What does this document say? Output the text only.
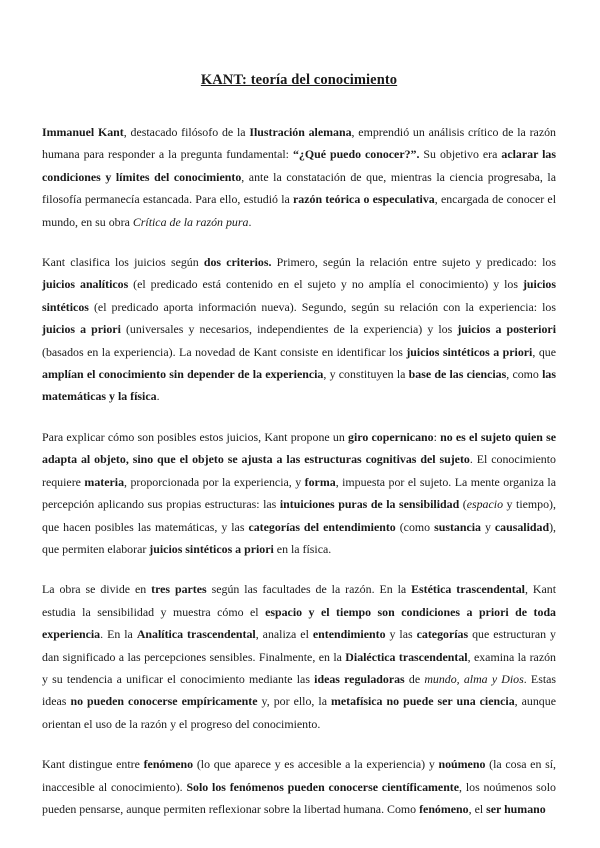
KANT: teoría del conocimiento

Immanuel Kant, destacado filósofo de la Ilustración alemana, emprendió un análisis crítico de la razón humana para responder a la pregunta fundamental: “¿Qué puedo conocer?”. Su objetivo era aclarar las condiciones y límites del conocimiento, ante la constatación de que, mientras la ciencia progresaba, la filosofía permanecía estancada. Para ello, estudió la razón teórica o especulativa, encargada de conocer el mundo, en su obra Crítica de la razón pura.

Kant clasifica los juicios según dos criterios. Primero, según la relación entre sujeto y predicado: los juicios analíticos (el predicado está contenido en el sujeto y no amplía el conocimiento) y los juicios sintéticos (el predicado aporta información nueva). Segundo, según su relación con la experiencia: los juicios a priori (universales y necesarios, independientes de la experiencia) y los juicios a posteriori (basados en la experiencia). La novedad de Kant consiste en identificar los juicios sintéticos a priori, que amplían el conocimiento sin depender de la experiencia, y constituyen la base de las ciencias, como las matemáticas y la física.

Para explicar cómo son posibles estos juicios, Kant propone un giro copernicano: no es el sujeto quien se adapta al objeto, sino que el objeto se ajusta a las estructuras cognitivas del sujeto. El conocimiento requiere materia, proporcionada por la experiencia, y forma, impuesta por el sujeto. La mente organiza la percepción aplicando sus propias estructuras: las intuiciones puras de la sensibilidad (espacio y tiempo), que hacen posibles las matemáticas, y las categorías del entendimiento (como sustancia y causalidad), que permiten elaborar juicios sintéticos a priori en la física.

La obra se divide en tres partes según las facultades de la razón. En la Estética trascendental, Kant estudia la sensibilidad y muestra cómo el espacio y el tiempo son condiciones a priori de toda experiencia. En la Analítica trascendental, analiza el entendimiento y las categorías que estructuran y dan significado a las percepciones sensibles. Finalmente, en la Dialéctica trascendental, examina la razón y su tendencia a unificar el conocimiento mediante las ideas reguladoras de mundo, alma y Dios. Estas ideas no pueden conocerse empíricamente y, por ello, la metafísica no puede ser una ciencia, aunque orientan el uso de la razón y el progreso del conocimiento.

Kant distingue entre fenómeno (lo que aparece y es accesible a la experiencia) y noúmeno (la cosa en sí, inaccesible al conocimiento). Solo los fenómenos pueden conocerse científicamente, los noúmenos solo pueden pensarse, aunque permiten reflexionar sobre la libertad humana. Como fenómeno, el ser humano
